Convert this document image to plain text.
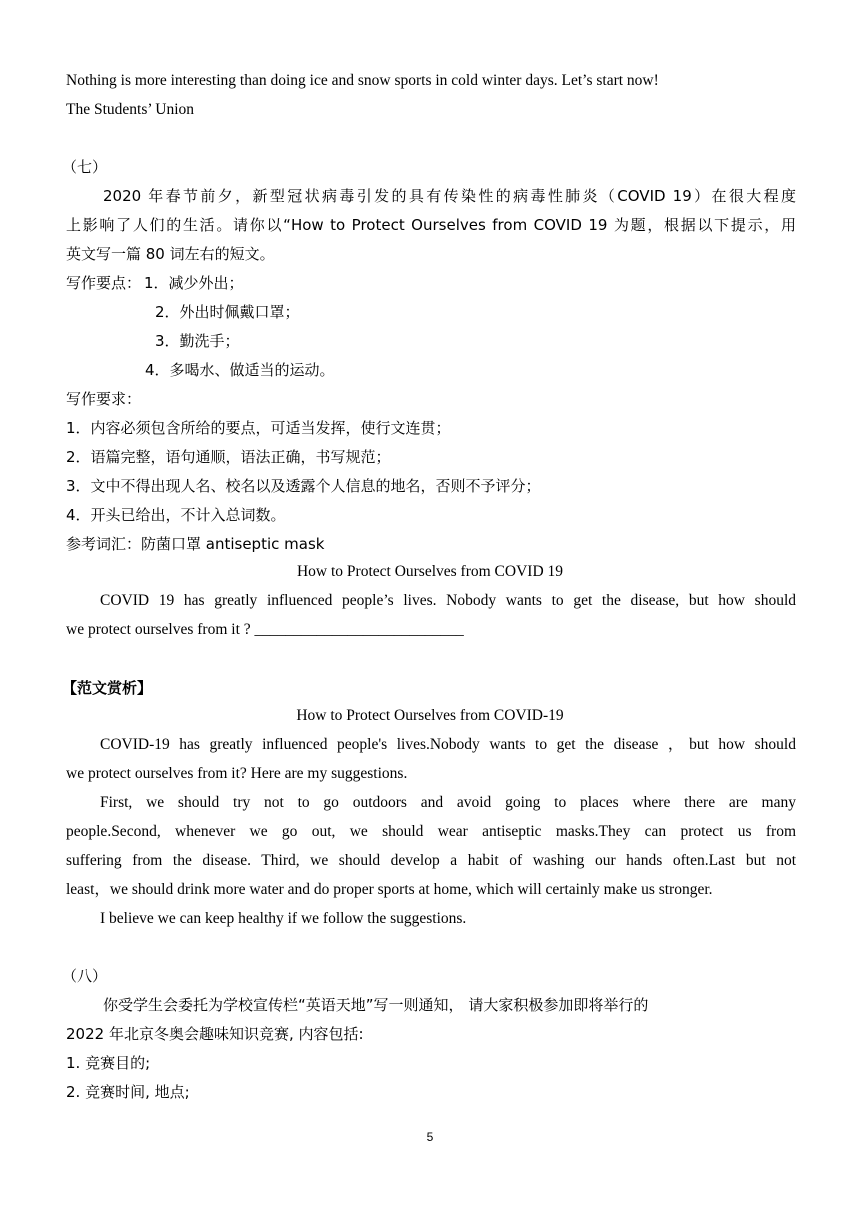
Nothing is more interesting than doing ice and snow sports in cold winter days. Let’s start now!
The Students’ Union
（七）
2020 年春节前夕，新型冠状病毒引发的具有传染性的病毒性肺炎（COVID 19）在很大程度
上影响了人们的生活。请你以“How to Protect Ourselves from COVID 19 为题，根据以下提示，用
英文写一篇 80 词左右的短文。
写作要点： 1．减少外出；
2．外出时佩戴口罩；
3．勤洗手；
4．多喝水、做适当的运动。
写作要求：
1．内容必须包含所给的要点，可适当发挥，使行文连贯；
2．语篇完整，语句通顺，语法正确，书写规范；
3．文中不得出现人名、校名以及透露个人信息的地名，否则不予评分；
4．开头已给出，不计入总词数。
参考词汇：防菌口罩 antiseptic mask
How to Protect Ourselves from COVID 19
COVID 19 has greatly influenced people’s lives. Nobody wants to get the disease, but how should
we protect ourselves from it ? ___________________________
【范文赏析】
How to Protect Ourselves from COVID-19
COVID-19 has greatly influenced people's lives.Nobody wants to get the disease ，but how should
we protect ourselves from it? Here are my suggestions.
First, we should try not to go outdoors and avoid going to places where there are many
people.Second, whenever we go out, we should wear antiseptic masks.They can protect us from
suffering from the disease. Third, we should develop a habit of washing our hands often.Last but not
least，we should drink more water and do proper sports at home, which will certainly make us stronger.
I believe we can keep healthy if we follow the suggestions.
（八）
你受学生会委托为学校宣传栏“英语天地”写一则通知， 请大家积极参加即将举行的
2022 年北京冬奥会趣味知识竞赛, 内容包括:
1. 竞赛目的;
2. 竞赛时间, 地点;
5
